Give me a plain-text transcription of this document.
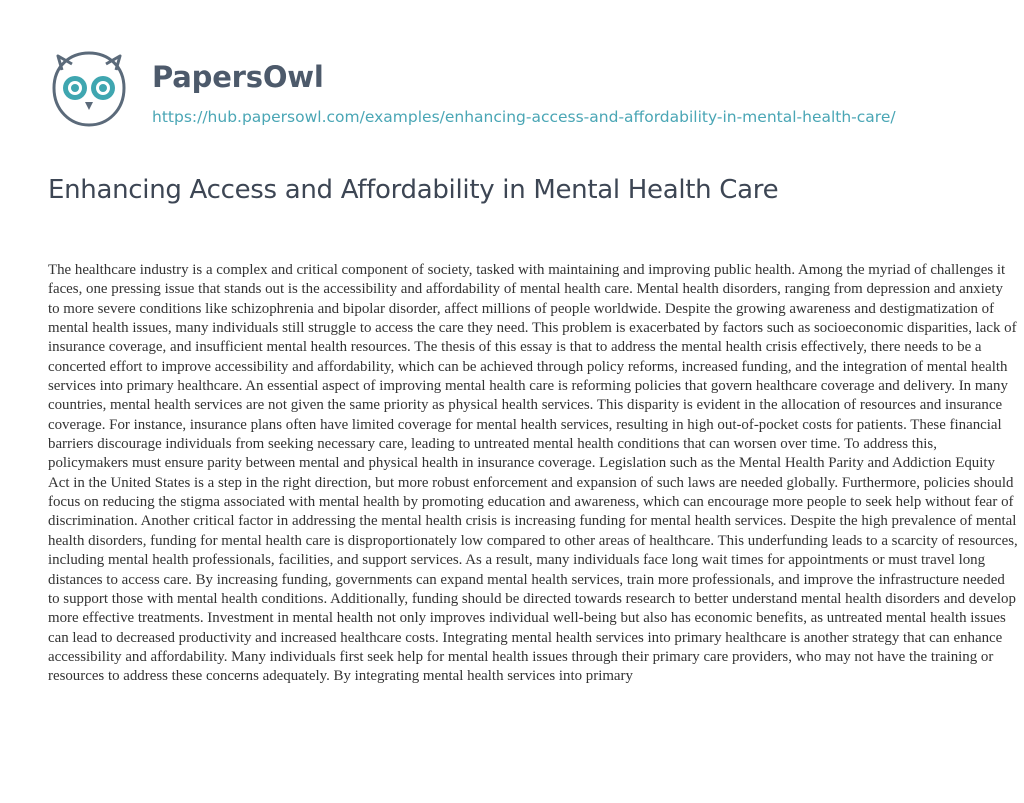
PapersOwl
https://hub.papersowl.com/examples/enhancing-access-and-affordability-in-mental-health-care/
Enhancing Access and Affordability in Mental Health Care

The healthcare industry is a complex and critical component of society, tasked with maintaining and improving public health. Among the myriad of challenges it faces, one pressing issue that stands out is the accessibility and affordability of mental health care. Mental health disorders, ranging from depression and anxiety to more severe conditions like schizophrenia and bipolar disorder, affect millions of people worldwide. Despite the growing awareness and destigmatization of mental health issues, many individuals still struggle to access the care they need. This problem is exacerbated by factors such as socioeconomic disparities, lack of insurance coverage, and insufficient mental health resources. The thesis of this essay is that to address the mental health crisis effectively, there needs to be a concerted effort to improve accessibility and affordability, which can be achieved through policy reforms, increased funding, and the integration of mental health services into primary healthcare. An essential aspect of improving mental health care is reforming policies that govern healthcare coverage and delivery. In many countries, mental health services are not given the same priority as physical health services. This disparity is evident in the allocation of resources and insurance coverage. For instance, insurance plans often have limited coverage for mental health services, resulting in high out-of-pocket costs for patients. These financial barriers discourage individuals from seeking necessary care, leading to untreated mental health conditions that can worsen over time. To address this, policymakers must ensure parity between mental and physical health in insurance coverage. Legislation such as the Mental Health Parity and Addiction Equity Act in the United States is a step in the right direction, but more robust enforcement and expansion of such laws are needed globally. Furthermore, policies should focus on reducing the stigma associated with mental health by promoting education and awareness, which can encourage more people to seek help without fear of discrimination. Another critical factor in addressing the mental health crisis is increasing funding for mental health services. Despite the high prevalence of mental health disorders, funding for mental health care is disproportionately low compared to other areas of healthcare. This underfunding leads to a scarcity of resources, including mental health professionals, facilities, and support services. As a result, many individuals face long wait times for appointments or must travel long distances to access care. By increasing funding, governments can expand mental health services, train more professionals, and improve the infrastructure needed to support those with mental health conditions. Additionally, funding should be directed towards research to better understand mental health disorders and develop more effective treatments. Investment in mental health not only improves individual well-being but also has economic benefits, as untreated mental health issues can lead to decreased productivity and increased healthcare costs. Integrating mental health services into primary healthcare is another strategy that can enhance accessibility and affordability. Many individuals first seek help for mental health issues through their primary care providers, who may not have the training or resources to address these concerns adequately. By integrating mental health services into primary
